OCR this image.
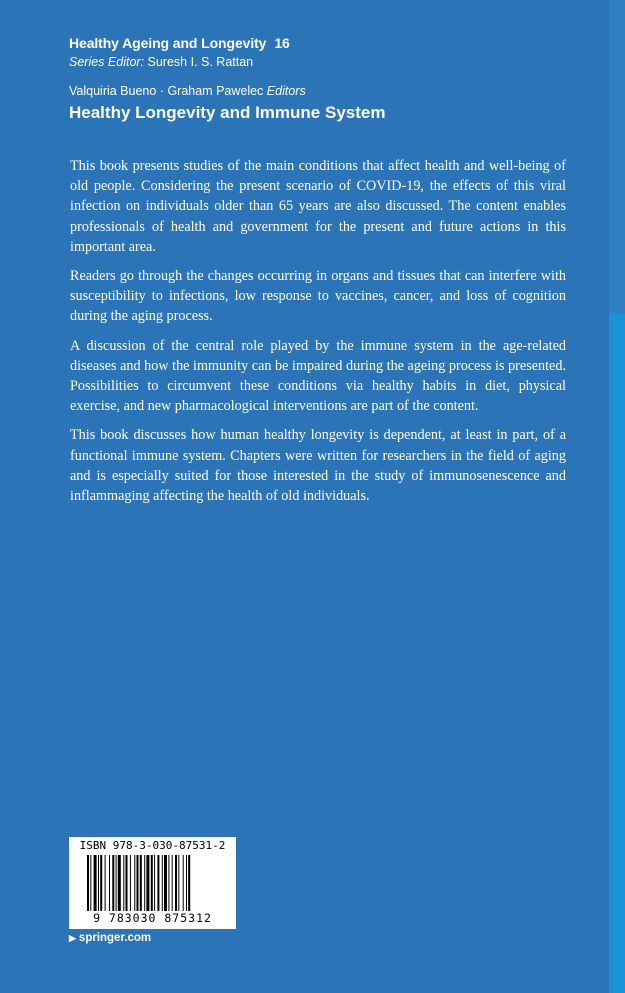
Healthy Ageing and Longevity 16
Series Editor: Suresh I. S. Rattan
Valquiria Bueno · Graham Pawelec Editors
Healthy Longevity and Immune System

This book presents studies of the main conditions that affect health and well-being of old people. Considering the present scenario of COVID-19, the effects of this viral infection on individuals older than 65 years are also discussed. The content enables professionals of health and government for the present and future actions in this important area.

Readers go through the changes occurring in organs and tissues that can interfere with susceptibility to infections, low response to vaccines, cancer, and loss of cognition during the aging process.

A discussion of the central role played by the immune system in the age-related diseases and how the immunity can be impaired during the ageing process is presented. Possibilities to circumvent these conditions via healthy habits in diet, physical exercise, and new pharmacological interventions are part of the content.

This book discusses how human healthy longevity is dependent, at least in part, of a functional immune system. Chapters were written for researchers in the field of aging and is especially suited for those interested in the study of immunosenescence and inflammaging affecting the health of old individuals.

ISBN 978-3-030-87531-2
9 783030 875312
▶ springer.com
